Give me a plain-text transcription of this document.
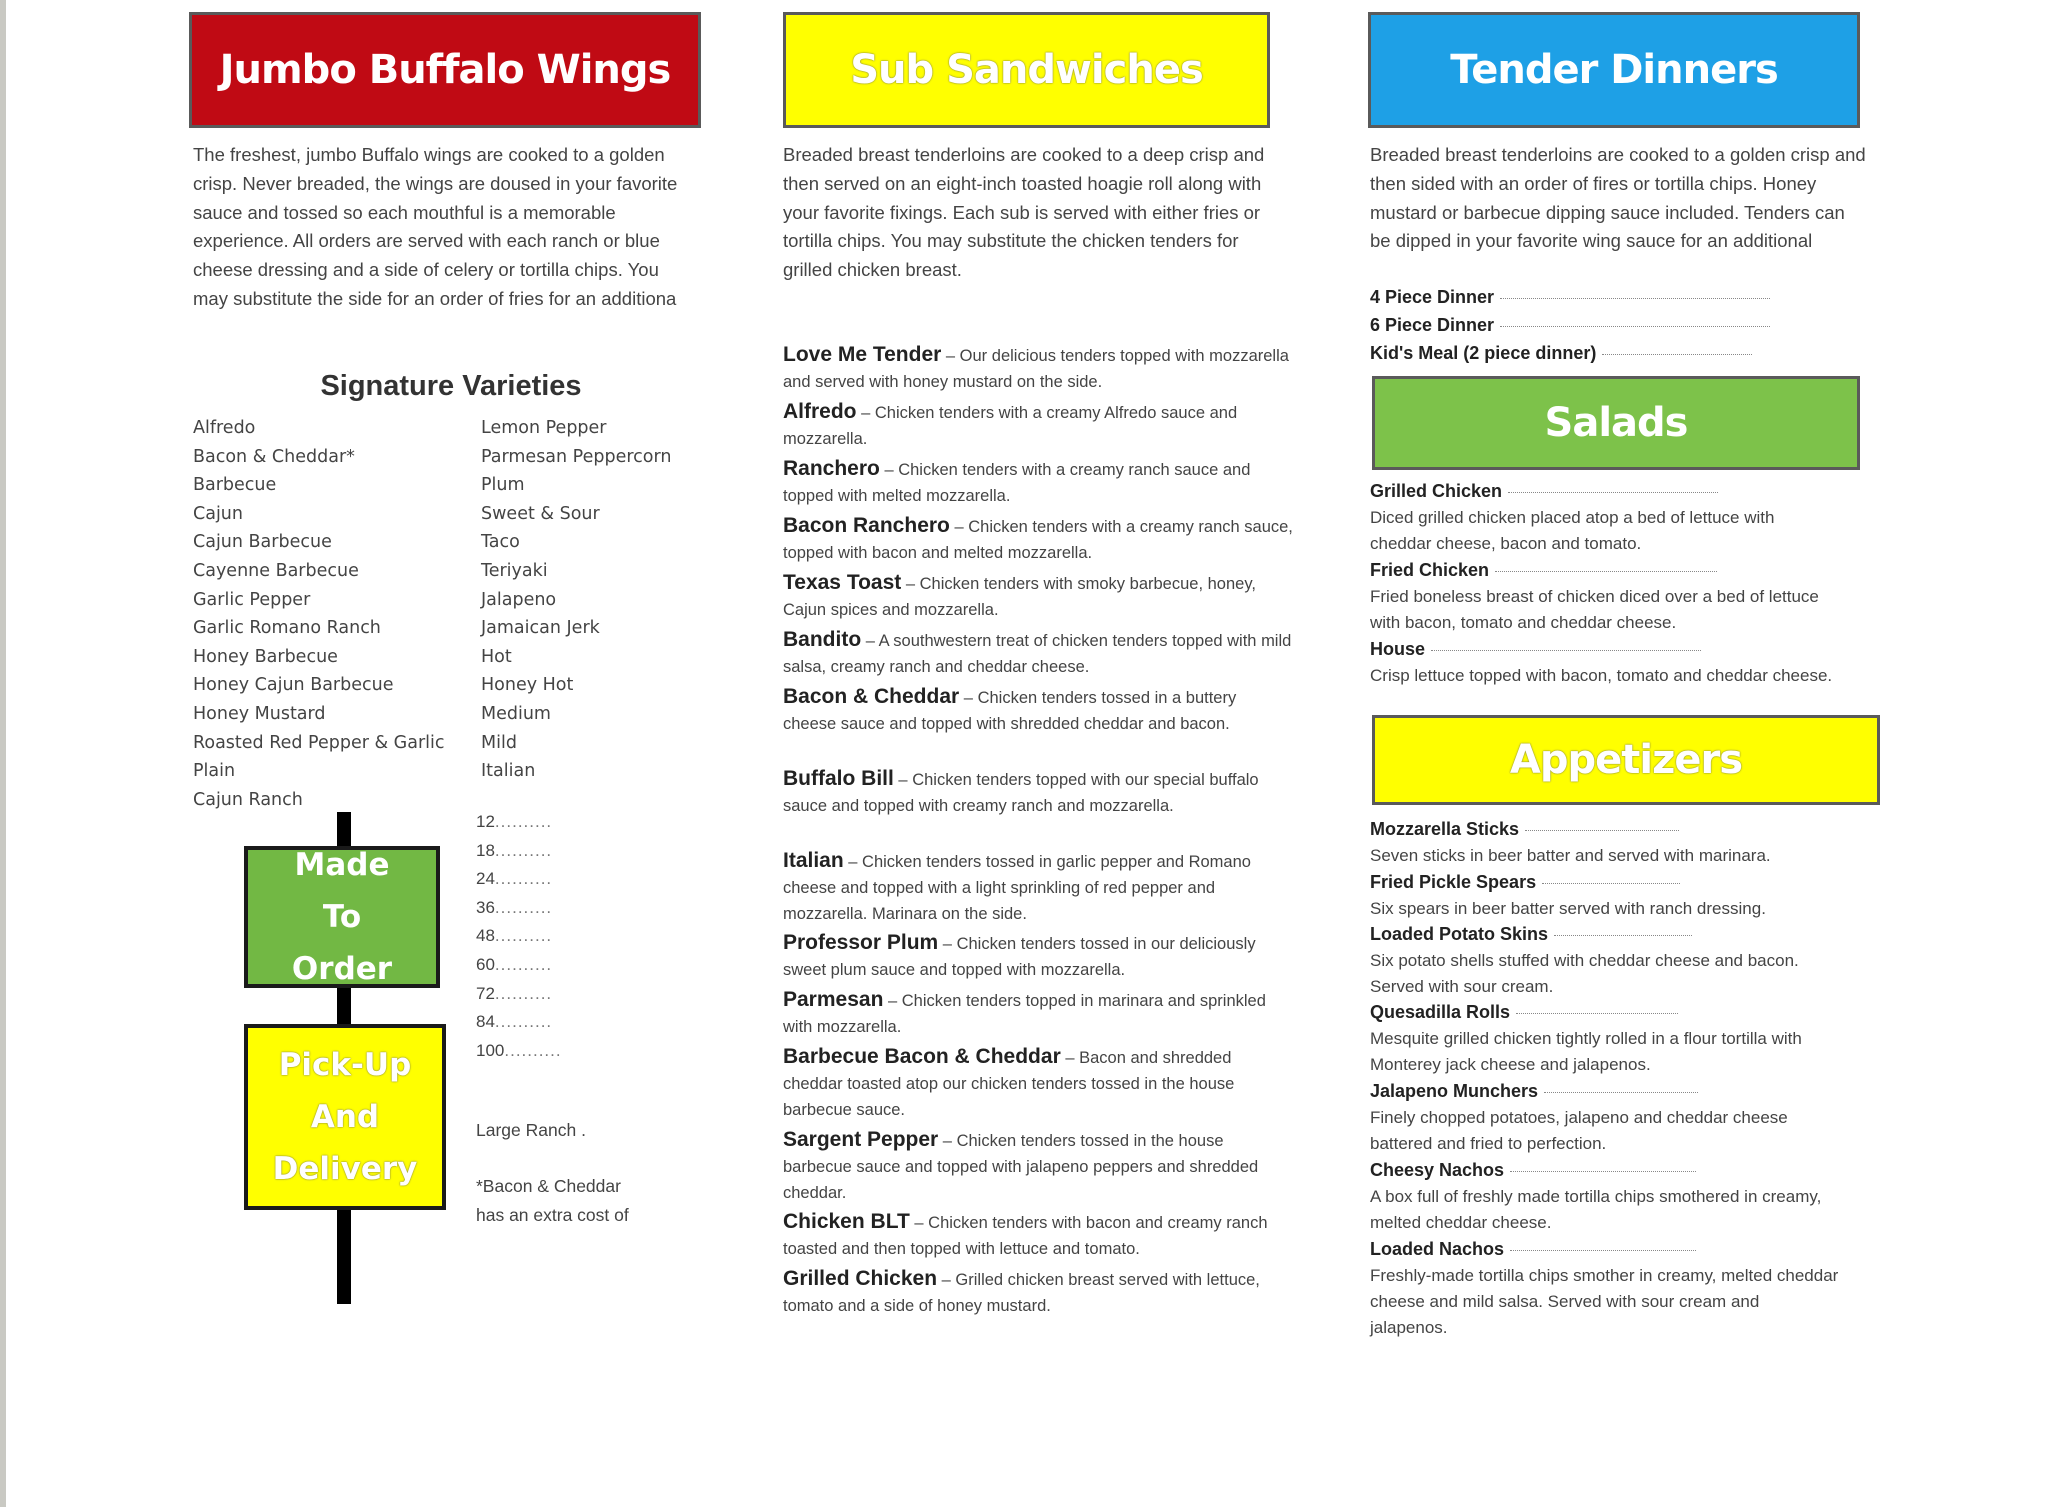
Jumbo Buffalo Wings
The freshest, jumbo Buffalo wings are cooked to a golden crisp. Never breaded, the wings are doused in your favorite sauce and tossed so each mouthful is a memorable experience. All orders are served with each ranch or blue cheese dressing and a side of celery or tortilla chips. You may substitute the side for an order of fries for an additiona
Signature Varieties
Alfredo
Bacon & Cheddar*
Barbecue
Cajun
Cajun Barbecue
Cayenne Barbecue
Garlic Pepper
Garlic Romano Ranch
Honey Barbecue
Honey Cajun Barbecue
Honey Mustard
Roasted Red Pepper & Garlic
Plain
Cajun Ranch
Lemon Pepper
Parmesan Peppercorn
Plum
Sweet & Sour
Taco
Teriyaki
Jalapeno
Jamaican Jerk
Hot
Honey Hot
Medium
Mild
Italian
Made
To
Order
Pick-Up
And
Delivery
12..........
18..........
24..........
36..........
48..........
60..........
72..........
84..........
100..........
Large Ranch .
*Bacon & Cheddar
has an extra cost of
Sub Sandwiches
Breaded breast tenderloins are cooked to a deep crisp and then served on an eight-inch toasted hoagie roll along with your favorite fixings. Each sub is served with either fries or tortilla chips. You may substitute the chicken tenders for grilled chicken breast.
Love Me Tender – Our delicious tenders topped with mozzarella and served with honey mustard on the side.
Alfredo – Chicken tenders with a creamy Alfredo sauce and mozzarella.
Ranchero – Chicken tenders with a creamy ranch sauce and topped with melted mozzarella.
Bacon Ranchero – Chicken tenders with a creamy ranch sauce, topped with bacon and melted mozzarella.
Texas Toast – Chicken tenders with smoky barbecue, honey, Cajun spices and mozzarella.
Bandito – A southwestern treat of chicken tenders topped with mild salsa, creamy ranch and cheddar cheese.
Bacon & Cheddar – Chicken tenders tossed in a buttery cheese sauce and topped with shredded cheddar and bacon.
Buffalo Bill – Chicken tenders topped with our special buffalo sauce and topped with creamy ranch and mozzarella.
Italian – Chicken tenders tossed in garlic pepper and Romano cheese and topped with a light sprinkling of red pepper and mozzarella. Marinara on the side.
Professor Plum – Chicken tenders tossed in our deliciously sweet plum sauce and topped with mozzarella.
Parmesan – Chicken tenders topped in marinara and sprinkled with mozzarella.
Barbecue Bacon & Cheddar – Bacon and shredded cheddar toasted atop our chicken tenders tossed in the house barbecue sauce.
Sargent Pepper – Chicken tenders tossed in the house barbecue sauce and topped with jalapeno peppers and shredded cheddar.
Chicken BLT – Chicken tenders with bacon and creamy ranch toasted and then topped with lettuce and tomato.
Grilled Chicken – Grilled chicken breast served with lettuce, tomato and a side of honey mustard.
Tender Dinners
Breaded breast tenderloins are cooked to a golden crisp and then sided with an order of fires or tortilla chips. Honey mustard or barbecue dipping sauce included. Tenders can be dipped in your favorite wing sauce for an additional
4 Piece Dinner
6 Piece Dinner
Kid's Meal (2 piece dinner)
Salads
Grilled Chicken
Diced grilled chicken placed atop a bed of lettuce with cheddar cheese, bacon and tomato.
Fried Chicken
Fried boneless breast of chicken diced over a bed of lettuce with bacon, tomato and cheddar cheese.
House
Crisp lettuce topped with bacon, tomato and cheddar cheese.
Appetizers
Mozzarella Sticks
Seven sticks in beer batter and served with marinara.
Fried Pickle Spears
Six spears in beer batter served with ranch dressing.
Loaded Potato Skins
Six potato shells stuffed with cheddar cheese and bacon. Served with sour cream.
Quesadilla Rolls
Mesquite grilled chicken tightly rolled in a flour tortilla with Monterey jack cheese and jalapenos.
Jalapeno Munchers
Finely chopped potatoes, jalapeno and cheddar cheese battered and fried to perfection.
Cheesy Nachos
A box full of freshly made tortilla chips smothered in creamy, melted cheddar cheese.
Loaded Nachos
Freshly-made tortilla chips smother in creamy, melted cheddar cheese and mild salsa. Served with sour cream and jalapenos.
